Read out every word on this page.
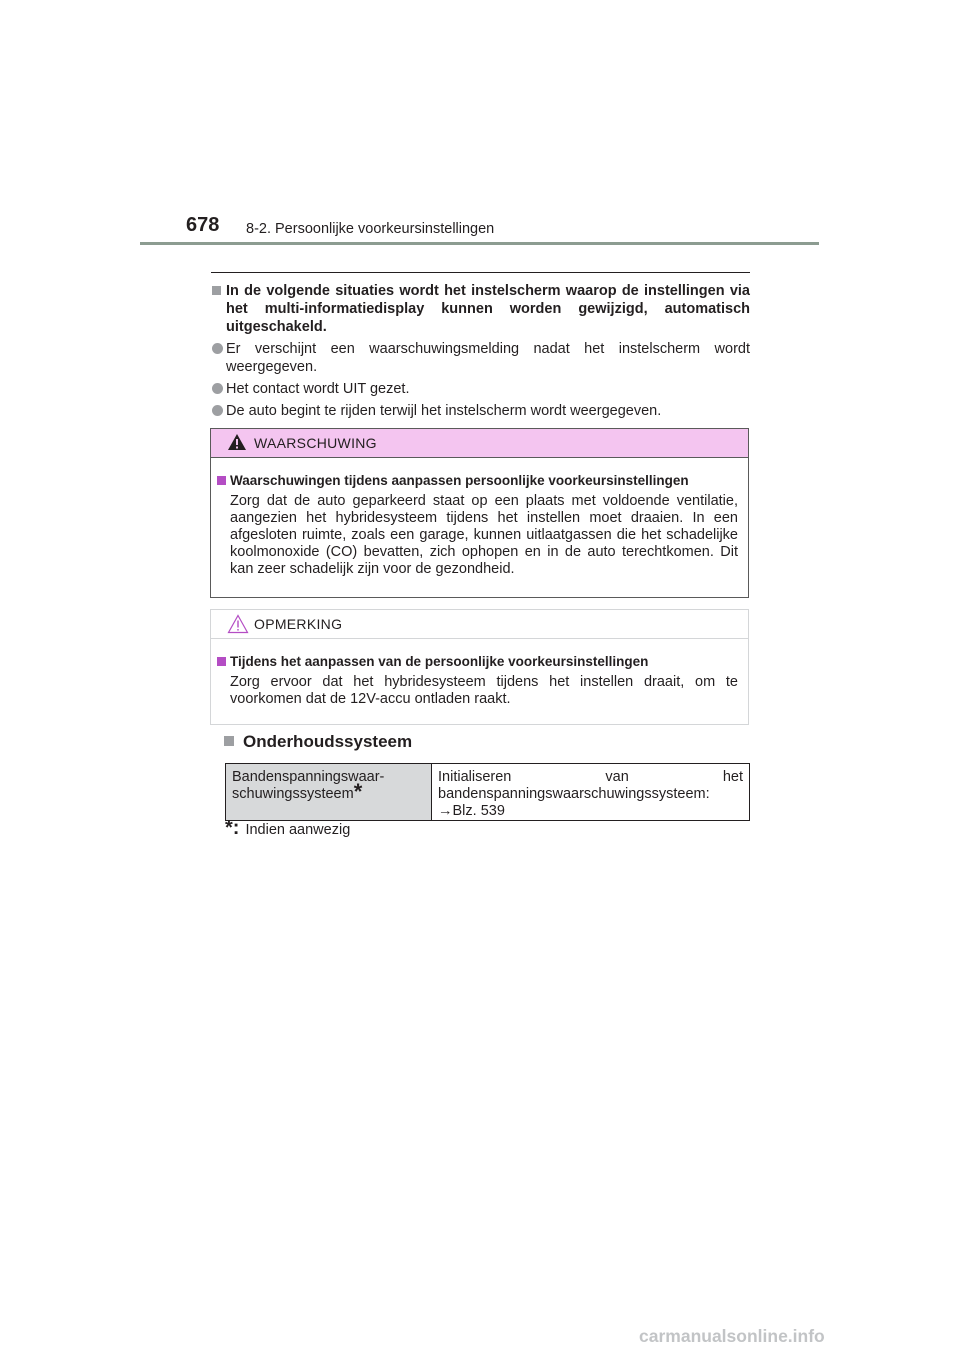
678 8-2. Persoonlijke voorkeursinstellingen
In de volgende situaties wordt het instelscherm waarop de instellingen via het multi-informatiedisplay kunnen worden gewijzigd, automatisch uitgeschakeld.
Er verschijnt een waarschuwingsmelding nadat het instelscherm wordt weergegeven.
Het contact wordt UIT gezet.
De auto begint te rijden terwijl het instelscherm wordt weergegeven.
WAARSCHUWING
Waarschuwingen tijdens aanpassen persoonlijke voorkeursinstellingen
Zorg dat de auto geparkeerd staat op een plaats met voldoende ventilatie, aangezien het hybridesysteem tijdens het instellen moet draaien. In een afgesloten ruimte, zoals een garage, kunnen uitlaatgassen die het schadelijke koolmonoxide (CO) bevatten, zich ophopen en in de auto terechtkomen. Dit kan zeer schadelijk zijn voor de gezondheid.
OPMERKING
Tijdens het aanpassen van de persoonlijke voorkeursinstellingen
Zorg ervoor dat het hybridesysteem tijdens het instellen draait, om te voorkomen dat de 12V-accu ontladen raakt.
Onderhoudssysteem
Bandenspanningswaar-
schuwingssysteem*	Initialiseren van het bandenspanningswaarschuwingssysteem: →Blz. 539
*: Indien aanwezig
carmanualsonline.info
